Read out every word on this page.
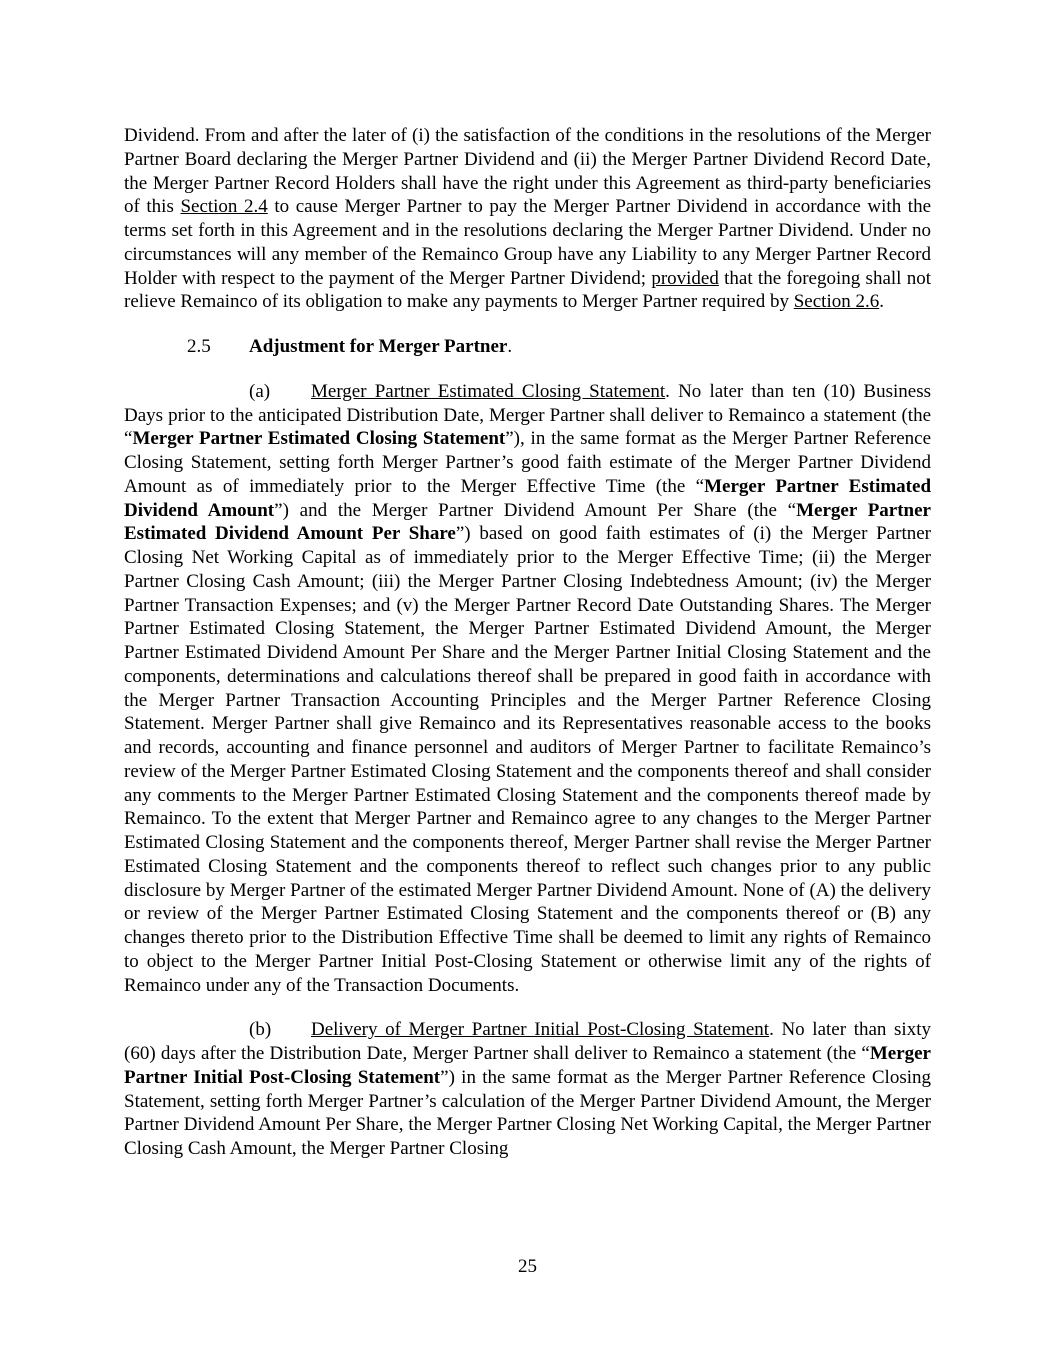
Dividend. From and after the later of (i) the satisfaction of the conditions in the resolutions of the Merger Partner Board declaring the Merger Partner Dividend and (ii) the Merger Partner Dividend Record Date, the Merger Partner Record Holders shall have the right under this Agreement as third-party beneficiaries of this Section 2.4 to cause Merger Partner to pay the Merger Partner Dividend in accordance with the terms set forth in this Agreement and in the resolutions declaring the Merger Partner Dividend. Under no circumstances will any member of the Remainco Group have any Liability to any Merger Partner Record Holder with respect to the payment of the Merger Partner Dividend; provided that the foregoing shall not relieve Remainco of its obligation to make any payments to Merger Partner required by Section 2.6.

2.5 Adjustment for Merger Partner.

(a) Merger Partner Estimated Closing Statement. No later than ten (10) Business Days prior to the anticipated Distribution Date, Merger Partner shall deliver to Remainco a statement (the “Merger Partner Estimated Closing Statement”), in the same format as the Merger Partner Reference Closing Statement, setting forth Merger Partner’s good faith estimate of the Merger Partner Dividend Amount as of immediately prior to the Merger Effective Time (the “Merger Partner Estimated Dividend Amount”) and the Merger Partner Dividend Amount Per Share (the “Merger Partner Estimated Dividend Amount Per Share”) based on good faith estimates of (i) the Merger Partner Closing Net Working Capital as of immediately prior to the Merger Effective Time; (ii) the Merger Partner Closing Cash Amount; (iii) the Merger Partner Closing Indebtedness Amount; (iv) the Merger Partner Transaction Expenses; and (v) the Merger Partner Record Date Outstanding Shares. The Merger Partner Estimated Closing Statement, the Merger Partner Estimated Dividend Amount, the Merger Partner Estimated Dividend Amount Per Share and the Merger Partner Initial Closing Statement and the components, determinations and calculations thereof shall be prepared in good faith in accordance with the Merger Partner Transaction Accounting Principles and the Merger Partner Reference Closing Statement. Merger Partner shall give Remainco and its Representatives reasonable access to the books and records, accounting and finance personnel and auditors of Merger Partner to facilitate Remainco’s review of the Merger Partner Estimated Closing Statement and the components thereof and shall consider any comments to the Merger Partner Estimated Closing Statement and the components thereof made by Remainco. To the extent that Merger Partner and Remainco agree to any changes to the Merger Partner Estimated Closing Statement and the components thereof, Merger Partner shall revise the Merger Partner Estimated Closing Statement and the components thereof to reflect such changes prior to any public disclosure by Merger Partner of the estimated Merger Partner Dividend Amount. None of (A) the delivery or review of the Merger Partner Estimated Closing Statement and the components thereof or (B) any changes thereto prior to the Distribution Effective Time shall be deemed to limit any rights of Remainco to object to the Merger Partner Initial Post-Closing Statement or otherwise limit any of the rights of Remainco under any of the Transaction Documents.

(b) Delivery of Merger Partner Initial Post-Closing Statement. No later than sixty (60) days after the Distribution Date, Merger Partner shall deliver to Remainco a statement (the “Merger Partner Initial Post-Closing Statement”) in the same format as the Merger Partner Reference Closing Statement, setting forth Merger Partner’s calculation of the Merger Partner Dividend Amount, the Merger Partner Dividend Amount Per Share, the Merger Partner Closing Net Working Capital, the Merger Partner Closing Cash Amount, the Merger Partner Closing

25
